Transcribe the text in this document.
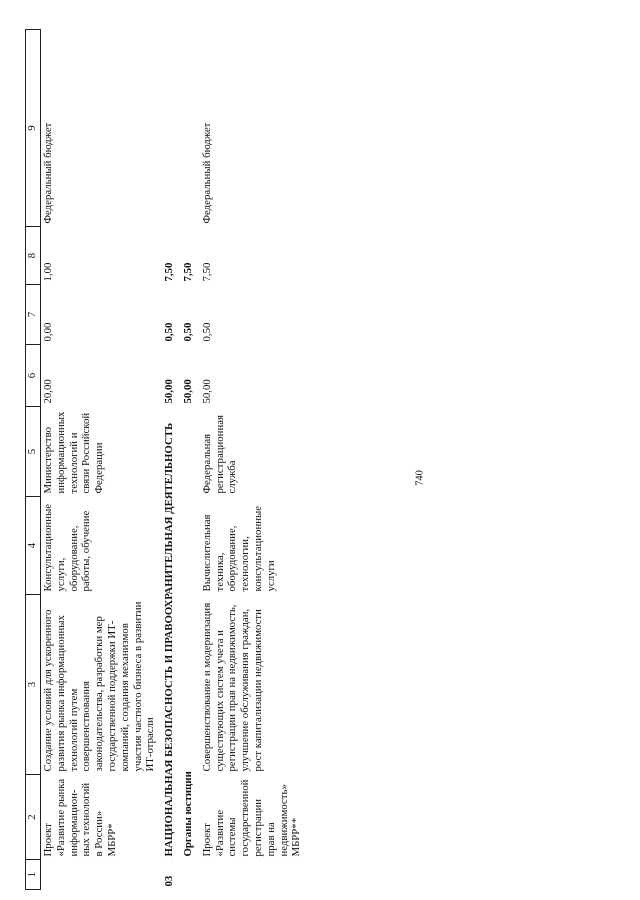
740
1	2	3	4	5	6	7	8	9
	Проект «Развитие рынка информационных технологий в России» МБРР*	Создание условий для ускоренного развития рынка информационных технологий путем совершенствования законодательства, разработки мер государственной поддержки ИТ-компаний, создания механизмов участия частного бизнеса в развитии ИТ-отрасли	Консультационные услуги, оборудование, работы, обучение	Министерство информационных технологий и связи Российской Федерации	20,00	0,00	1,00	Федеральный бюджет
03	НАЦИОНАЛЬНАЯ БЕЗОПАСНОСТЬ И ПРАВООХРАНИТЕЛЬНАЯ ДЕЯТЕЛЬНОСТЬ				50,00	0,50	7,50	
	Органы юстиции				50,00	0,50	7,50	
	Проект «Развитие системы государственной регистрации прав на недвижимость» МБРР**	Совершенствование и модернизация существующих систем учета и регистрации прав на недвижимость, улучшение обслуживания граждан, рост капитализации недвижимости	Вычислительная техника, оборудование, технологии, консультационные услуги	Федеральная регистрационная служба	50,00	0,50	7,50	Федеральный бюджет
